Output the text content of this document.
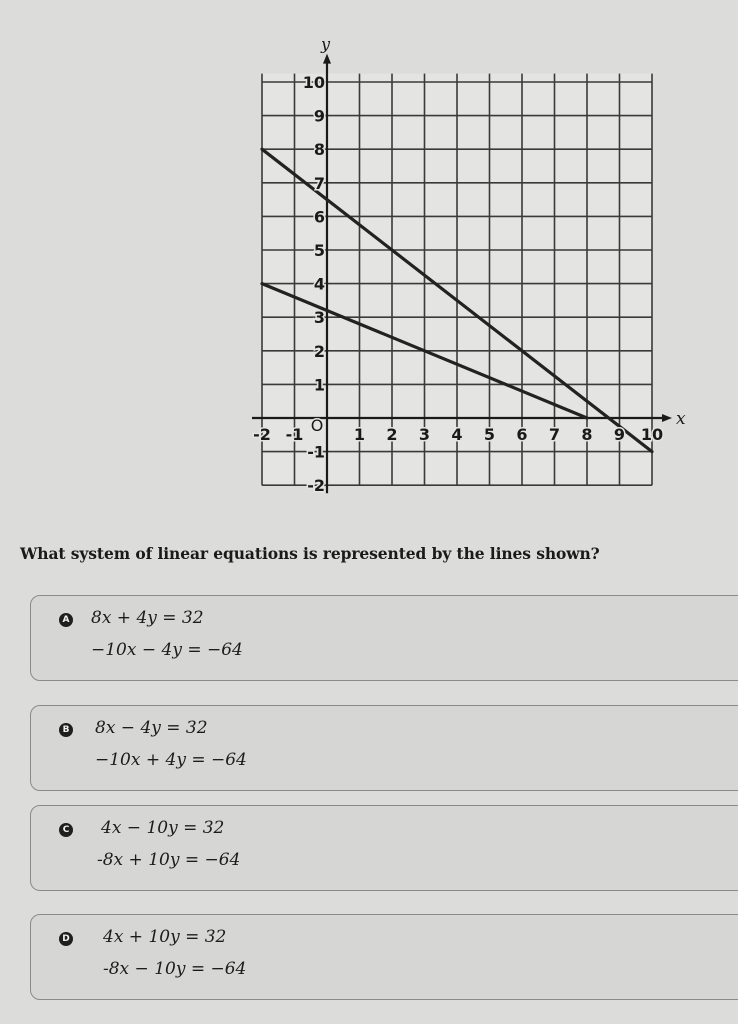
x
y
-2 -1 O 1 2 3 4 5 6 7 8 9 10
-2
-1
1
2
3
4
5
6
7
8
9
10
What system of linear equations is represented by the lines shown?
A 8x + 4y = 32
−10x − 4y = −64
B 8x − 4y = 32
−10x + 4y = −64
C 4x − 10y = 32
-8x + 10y = −64
D 4x + 10y = 32
-8x − 10y = −64
